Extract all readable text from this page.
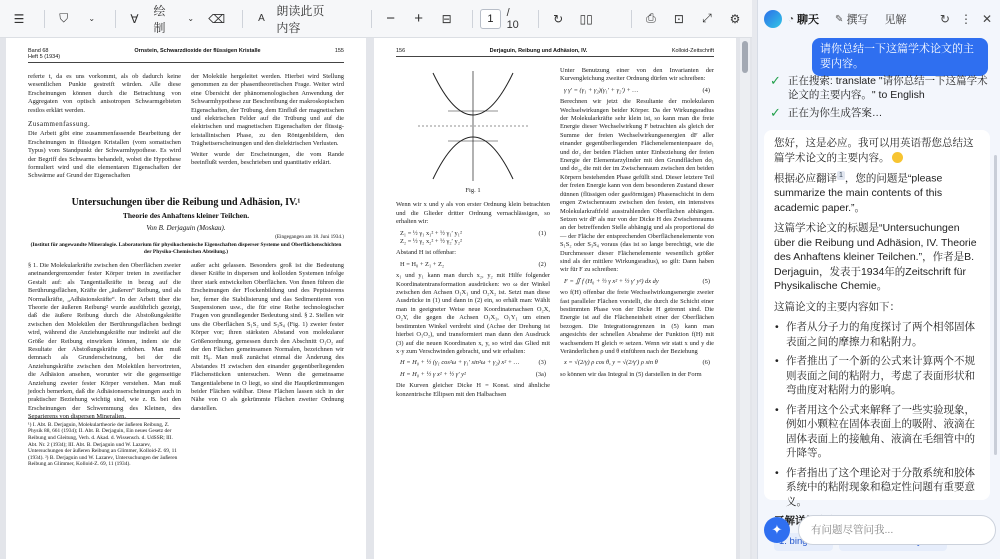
☰	⛉	⌄	∀
绘制
⌄	⌫	A
朗读此页内容
−	+	⊟	1	/ 10	↻	▯▯	⎙	⊡	⤢	⚙
Band 68
Heft 5 (1934)
Ornstein, Schwarzdioxide der flüssigen Kristalle	155

referte t, da es uns vorkommt, als ob dadurch keine wesentlichen Punkte gestreift würden. Alle diese Erscheinungen können durch die Betrachtung von Aggregaten von optisch anisotropen Schwarmgebieten restlos erklärt werden.

Zusammenfassung.

Die Arbeit gibt eine zusammenfassende Bearbeitung der Erscheinungen in flüssigen Kristallen (vom somatischen Typus) vom Standpunkt der Schwarmhypothese. Es wird der Begriff des Schwarms behandelt, wobei die Hypothese formuliert wird und die elementaren Eigenschaften der Schwärme auf Grund der Eigenschaften

der Moleküle hergeleitet werden. Hierbei wird Stellung genommen zu der phasentheoretischen Frage. Weiter wird eine Übersicht der phänomenologischen Anwendung der Schwarmhypothese zur Beschreibung der makroskopischen Eigenschaften, der Trübung, dem Einfluß der magnetischen und elektrischen Felder auf die Trübung und auf die elektrischen und magnetischen Eigenschaften der flüssig-kristallinischen Phase, zu den Röntgenbildern, den Trägheitserscheinungen und den dielektrischen Verlusten.

Weiter wurde der Erscheinungen, die vom Rande beeinflußt werden, beschrieben und quantitativ erklärt.

Untersuchungen über die Reibung und Adhäsion, IV.¹
Theorie des Anhaftens kleiner Teilchen.
Von B. Derjaguin (Moskau).
(Eingegangen am 18. Juni 1934.)
(Institut für angewandte Mineralogie. Laboratorium für physikochemische Eigenschaften disperser Systeme und Oberflächenschichten der Physiko-Chemischen Abteilung.)

§ 1. Die Molekularkräfte zwischen den Oberflächen zweier aneinandergrenzender fester Körper treten in zweifacher Gestalt auf: als Tangentialkräfte in bezug auf die Berührungsflächen, Kräfte der „äußeren“ Reibung, und als Normalkräfte, „Adhäsionskräfte“. In der Arbeit über die Theorie der äußeren Reibung² wurde ausführlich gezeigt, daß die äußere Reibung durch die Abstoßungskräfte zwischen den Molekülen der Berührungsflächen bedingt wird, während die Anziehungskräfte nur indirekt auf die Größe der Reibung einwirken können, indem sie die Resultate der Abstoßungskräfte erhöhen. Man muß demnach als Grunderscheinung, bei der die Anziehungskräfte zwischen den Molekülen hervortreten, die Adhäsion ansehen, worunter wir die gegenseitige Anziehung zweier fester Körper verstehen. Man muß jedoch bemerken, daß die Adhäsionserscheinungen auch in praktischer Beziehung wichtig sind, wie z. B. bei den Erscheinungen der Schwemmung des Kleinen, des Separierens von dispersen Mineralien.

außer acht gelassen. Besonders groß ist die Bedeutung dieser Kräfte in dispersen und kolloiden Systemen infolge ihrer stark entwickelten Oberflächen. Von ihnen führen die Erscheinungen der Flockenbildung und des Peptisierens her, ferner die Stabilisierung und das Sedimentieren von Suspensionen usw., die für eine Reihe technologischer Fragen von grundlegender Bedeutung sind. § 2. Stellen wir uns die Oberflächen S₁S₂ und S₃S₄ (Fig. 1) zweier fester Körper vor; ihren stärksten Abstand von molekularer Größenordnung, gemessen durch den Abschnitt O₁O₂ auf der den Flächen gemeinsamen Normalen, bezeichnen wir mit H₀. Man muß zunächst einmal die Änderung des Abstandes H zwischen den einander gegenüberliegenden Flächenstücken untersuchen. Wenn die gemeinsame Tangentialebene in O liegt, so sind die Hauptkrümmungen beider Flächen wählbar. Diese Flächen lassen sich in der Nähe von O als gekrümmte Flächen zweiter Ordnung darstellen.

¹) I. Abt. B. Derjaguin, Molekulartheorie der äußeren Reibung, Z. Physik 88, 661 (1934); II. Abt. B. Derjaguin, Ein neues Gesetz der Reibung und Gleitung, Verh. d. Akad. d. Wissensch. d. UdSSR; III. Abt. Nr. 2 (1934); III. Abt. B. Derjaguin und W. Lazarev, Untersuchungen der äußeren Reibung an Glimmer, Kolloid-Z. 69, 11 (1934). ²) B. Derjaguin und W. Lazarev, Untersuchungen der äußeren Reibung an Glimmer, Kolloid-Z. 69, 11 (1934).
156	Derjaguin, Reibung und Adhäsion, IV.	Kolloid-Zeitschrift
Fig. 1

Wenn wir x und y als von erster Ordnung klein betrachten und die Glieder dritter Ordnung vernachlässigen, so erhalten wir:

Z₁ = ½ γ₁ x₁² + ½ γ₁′ y₁²
Z₂ = ½ γ₂ x₂² + ½ γ₂′ y₂²
(1)

Abstand H ist offenbar:

H = H₀ + Z₁ + Z₂	(2)

x₁ und y₁ kann man durch x₂, y₂ mit Hilfe folgender Koordinatentransformation ausdrücken: wo ω der Winkel zwischen den Achsen O₁X₁ und O₂X₂ ist. Setzt man diese Ausdrücke in (1) und dann in (2) ein, so erhält man: Wählt man in geeigneter Weise neue Koordinatenachsen O₂X, O₂Y, die gegen die Achsen O₁X₁, O₁Y₁ um einen bestimmten Winkel verdreht sind (Achse der Drehung ist hierbei O₁O₂), und transformiert man dann den Ausdruck (3) auf die neuen Koordinaten x, y, so wird das Glied mit x·y zum Verschwinden gebracht, und wir erhalten:

H = H₀ + ½ (γ₁ cos²ω + γ₁′ sin²ω + γ₂) x² + …	(3)
H = H₀ + ½ γ x² + ½ γ′ y²	(3a)

Die Kurven gleicher Dicke H = Konst. sind ähnliche konzentrische Ellipsen mit den Halbachsen

Unter Benutzung einer von den Invarianten der Kurvengleichung zweiter Ordnung dürfen wir schreiben:

γ γ′ = (γ₁ + γ₂)(γ₁′ + γ₂′) + …	(4)

Berechnen wir jetzt die Resultante der molekularen Wechselwirkungen beider Körper. Da der Wirkungsradius der Molekularkräfte sehr klein ist, so kann man die freie Energie dieser Wechselwirkung F betrachten als gleich der Summe der freien Wechselwirkungsenergien dF aller einander gegenüberliegenden Flächenelementenpaare dσ₁ und dσ₂ der beiden Flächen unter Einbeziehung der freien Energie der Elementarzylinder mit den Grundflächen dσ₁ und dσ₂, die mit der im Zwischenraum zwischen den beiden Körpern bestehenden Phase gefüllt sind. Dieser letztere Teil der freien Energie kann von dem besonderen Zustand dieser dünnen (flüssigen oder gasförmigen) Phasenschicht in dem engen Zwischenraum zwischen den festen, ein intensives Molekularkraftfeld ausstrahlenden Oberflächen abhängen. Setzen wir dF als nur von der Dicke H des Zwischenraums an der betreffenden Stelle abhängig und als proportional dσ — der Fläche der entsprechenden Oberflächenelemente von S₁S₂ oder S₃S₄ voraus (das ist so lange berechtigt, wie die Durchmesser dieser Flächenelemente wesentlich größer sind als der mittlere Wirkungsradius), so gilt: Dann haben wir für F zu schreiben:

F = ∬ f (H₀ + ½ γ x² + ½ γ′ y²) dx dy	(5)

wo f(H) offenbar die freie Wechselwirkungsenergie zweier fast paralleler Flächen vorstellt, die durch die Schicht einer bestimmten Phase von der Dicke H getrennt sind. Die Energie ist auf die Flächeneinheit einer der Oberflächen bezogen. Die Integrationsgrenzen in (5) kann man angesichts der schnellen Abnahme der Funktion f(H) mit wachsendem H gleich ∞ setzen. Wenn wir statt x und y die Veränderlichen ρ und θ einführen nach der Beziehung

x = √(2/γ) ρ cos θ, y = √(2/γ′) ρ sin θ	(6)

so können wir das Integral in (5) darstellen in der Form

◔ 聊天 ✎ 撰写 见解	↻ ⋮ ✕
请你总结一下这篇学术论文的主要内容。
✓ 正在搜索: translate "请你总结一下这篇学术论文的主要内容。" to English
✓ 正在为你生成答案…

您好，这是必应。我可以用英语帮您总结这篇学术论文的主要内容。

根据必应翻译 1 ，您的问题是“please summarize the main contents of this academic paper.”。

这篇学术论文的标题是“Untersuchungen über die Reibung und Adhäsion, IV. Theorie des Anhaftens kleiner Teilchen.”，作者是B. Derjaguin，发表于1934年的Zeitschrift für Physikalische Chemie。

这篇论文的主要内容如下：

• 作者从分子力的角度探讨了两个相邻固体表面之间的摩擦力和粘附力。
• 作者推出了一个新的公式来计算两个不规则表面之间的粘附力，考虑了表面形状和弯曲度对粘附力的影响。
• 作者用这个公式来解释了一些实验现象，例如小颗粒在固体表面上的吸附、液滴在固体表面上的接触角、液滴在毛细管中的升降等。
• 作者指出了这个理论对于分散系统和胶体系统中的粘附现象和稳定性问题有重要意义。
✦	有问题尽管问我...
